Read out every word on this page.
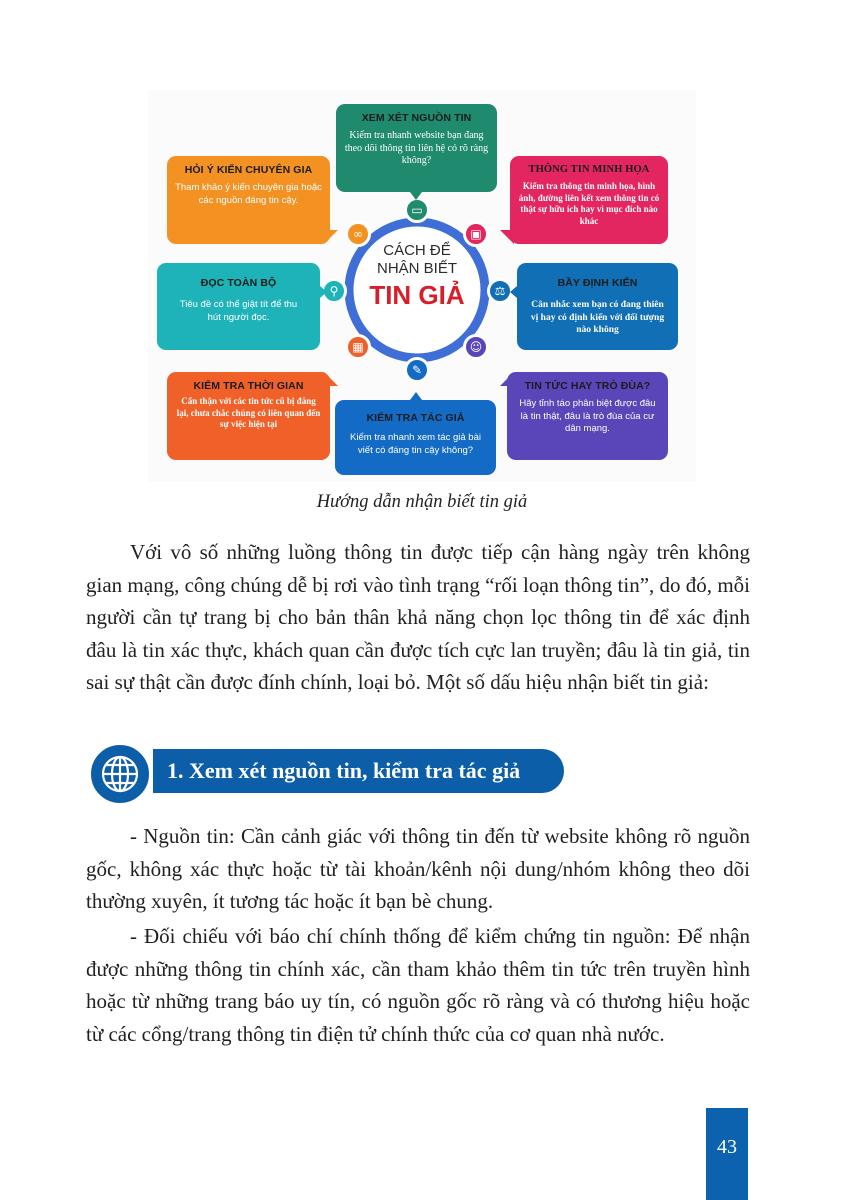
CÁCH ĐỂ
NHẬN BIẾT
TIN GIẢ
▭
▣
⚖
☺
✎
▦
⚲
∞
XEM XÉT NGUỒN TIN
Kiểm tra nhanh website bạn đang theo dõi thông tin liên hệ có rõ ràng không?
HỎI Ý KIẾN CHUYÊN GIA
Tham khảo ý kiến chuyên gia hoặc các nguồn đáng tin cậy.
THÔNG TIN MINH HỌA
Kiểm tra thông tin minh họa, hình ảnh, đường liên kết xem thông tin có thật sự hữu ích hay vì mục đích nào khác
ĐỌC TOÀN BỘ
Tiêu đề có thể giật tít để thu hút người đọc.
BẦY ĐỊNH KIẾN
Cân nhắc xem bạn có đang thiên vị hay có định kiến với đối tượng nào không
KIỂM TRA THỜI GIAN
Cẩn thận với các tin tức cũ bị đăng lại, chưa chắc chúng có liên quan đến sự việc hiện tại
TIN TỨC HAY TRÒ ĐÙA?
Hãy tỉnh táo phân biệt được đâu là tin thật, đâu là trò đùa của cư dân mạng.
KIỂM TRA TÁC GIẢ
Kiểm tra nhanh xem tác giả bài viết có đáng tin cậy không?
Hướng dẫn nhận biết tin giả
Với vô số những luồng thông tin được tiếp cận hàng ngày trên không gian mạng, công chúng dễ bị rơi vào tình trạng “rối loạn thông tin”, do đó, mỗi người cần tự trang bị cho bản thân khả năng chọn lọc thông tin để xác định đâu là tin xác thực, khách quan cần được tích cực lan truyền; đâu là tin giả, tin sai sự thật cần được đính chính, loại bỏ. Một số dấu hiệu nhận biết tin giả:
1. Xem xét nguồn tin, kiểm tra tác giả
- Nguồn tin: Cần cảnh giác với thông tin đến từ website không rõ nguồn gốc, không xác thực hoặc từ tài khoản/kênh nội dung/nhóm không theo dõi thường xuyên, ít tương tác hoặc ít bạn bè chung.
- Đối chiếu với báo chí chính thống để kiểm chứng tin nguồn: Để nhận được những thông tin chính xác, cần tham khảo thêm tin tức trên truyền hình hoặc từ những trang báo uy tín, có nguồn gốc rõ ràng và có thương hiệu hoặc từ các cổng/trang thông tin điện tử chính thức của cơ quan nhà nước.
43
